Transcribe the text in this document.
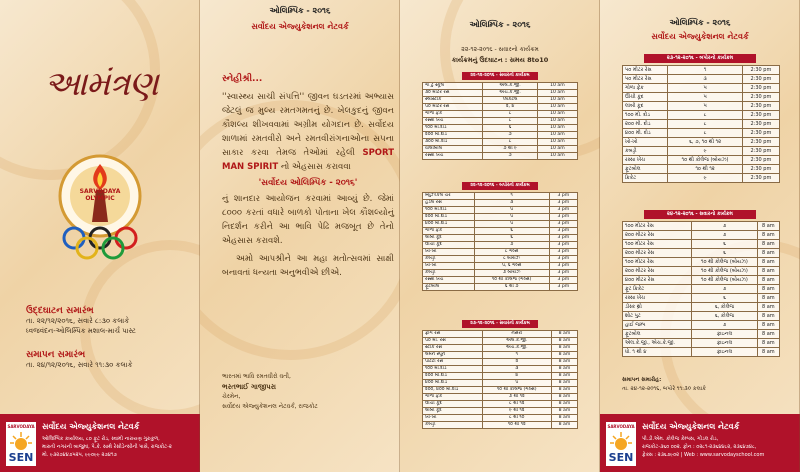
આમંત્રણ
SARVODAYA OLYMPIC
ઉદ્દઘાટન સમારંભ
તા. ૨૨/૧૨/૨૦૧૬, સવારે ૮:૩૦ કલાકે
ધ્વજવંદન-ઓલિમ્પિક મશાલ-માર્ચ પાસ્ટ
સમાપન સમારંભ
તા. ૨૪/૧૨/૨૦૧૬, સવારે ૧૧:૩૦ કલાકે
SARVODAYA
SEN
સર્વોદય એજ્યુકેશનલ નેટવર્ક
ઓલિમ્પિક કાર્યાલય, ૮૦ ફૂટ રોડ, સ્વામી નારાયણ ગુરુકુળ,
મારુતી નગરની બાજુમાં, પે.કે. સાથે રેસીડેન્સીની પાસે, રાજકોટ-૨
મો. ૯૩૨૭૪૪૭૫૨૫, ૯૯૦૯૯ ૨૭૪૧૭
ઓલિમ્પિક - ૨૦૧૬
સર્વોદય એજ્યુકેશનલ નેટવર્ક
સ્નેહીશ્રી...
''સ્વાસ્થ્ય સાચી સંપત્તિ'' જીવન ઘડતરમાં અભ્યાસ જેટલું જ મુલ્ય રમતગમતનું છે. ખેલકુદનું જીવન કૌશલ્ય શીખવવામાં અગ્રીમ યોગદાન છે. સર્વોદય શાળામાં રમતવીરો અને રમતવીરાંગનાઓના સપના સાકાર કરવા તેમજ તેઓમાં રહેલી SPORT MAN SPIRIT નો એહસાસ કરાવવા
'સર્વોદય ઓલિમ્પિક - ૨૦૧૬'
નું શાનદાર આયોજન કરવામાં આવ્યું છે. જેમાં ૮૦૦૦ કરતાં વધારે બાળકો પોતાના ખેલ કૌશલ્યોનું નિદર્શન કરીને આ ભાવિ પેઢિ મજબૂત છે તેનો એહસાસ કરાવશે.
અમો આપશ્રીને આ મહા મતોત્સવમાં સાક્ષી બનાવતાં ધન્યતા અનુભવીએ છીએ.
ભારતમાં ભાવિ રમતવીરો વતી,
ભરતભાઈ ગાજીપરા
ચેરમેન,
સર્વોદય એજ્યુકેશનલ નેટવર્ક, રાજકોટ
ઓલિમ્પિક - ૨૦૧૬
૨૨-૧૨-૨૦૧૬ - સવારનો કાર્યક્રમ
કાર્યક્રમનું ઉદઘાટન : સમય 8to10
૨૨-૧૨-૨૦૧૬ - સવારનો કાર્યક્રમ
ગો ટુ સ્કૂલ	એલ.કે.જી.	10 am
૩૦ મીટર રેસ	એચ.કે.જી.	10 am
સ્લાસ્ટીક	પ્લેકટલ	10 am
૫૦ મીટર રેસ	૨, ૪	10 am
ગોળા ફેંક	૮	10 am
રસ્સા ખેંચ	૮	10 am
૧૦૦ મી.દોડ	૬	10 am
૨૦૦ મી.દોડ	૭	10 am
૩૦૦ મી.દોડ	૮	10 am
વોલીબોલ	૭ થી ૯	10 am
રસ્સા ખેંચ	૭	10 am
૨૨-૧૨-૨૦૧૬ - બપોરનો કાર્યક્રમ
મ્યુઝીકલ ચેર	૧	3 pm
હર્ડલ રેસ	૩	3 pm
૧૦૦ મી.દોડ	૫	3 pm
૨૦૦ મી.દોડ	૫	3 pm
૪૦૦ મી.દોડ	૫	3 pm
ગોળા ફેંક	૬	3 pm
લાંબી કૂદ	૬	3 pm
ઊંચી કૂદ	૭	3 pm
ખો-ખો	૮ ગર્લ્સ	3 pm
કબડ્ડી	૮ બોયઝ	3 pm
ખો-ખો	૫, ૬ ગર્લ્સ	3 pm
કબડ્ડી	૭ બોયઝ	3 pm
રસ્સા ખેંચ	૧૦ થી કોલેજ (ગર્લ્સ)	3 pm
ફૂટબોલ	૬ થી ૭	3 pm
૨૩-૧૨-૨૦૧૬ - સવારનો કાર્યક્રમ
ફ્રોગ રેસ	નર્સરી	8 am
૫૦ મી. રેસ	એલ.કે.જી.	8 am
સ્ટીક રેસ	એચ.કે.જી.	8 am
લેમન સ્પૂન	૧	8 am
પોટેટો રેસ	૨	8 am
૧૦૦ મી.દોડ	૩	8 am
૨૦૦ મી.દોડ	૪	8 am
૪૦૦ મી.દોડ	૫	8 am
૨૦૦, ૪૦૦ મી.દોડ	૧૦ થી કોલેજ (ગર્લ્સ)	8 am
ગોળા ફેંક	૭ થી ૧૨	8 am
ઊંચી કૂદ	૮ થી ૧૨	8 am
લાંબી કૂદ	૯ થી ૧૨	8 am
ખો-ખો	૮ થી ૧૦	8 am
કબડ્ડી	૧૦ થી ૧૨	8 am
ઓલિમ્પિક - ૨૦૧૬
સર્વોદય એજ્યુકેશનલ નેટવર્ક
૨૩-૧૨-૨૦૧૬ - બપોરનો કાર્યક્રમ
૫૦ મીટર રેસ	૧	2:30 pm
૫૦ મીટર રેસ	૩	2:30 pm
ગોળા ફેંક	૫	2:30 pm
ઊંચી કૂદ	૫	2:30 pm
લાંબી કૂદ	૫	2:30 pm
૧૦૦ મી. દોડ	૮	2:30 pm
૨૦૦ મી. દોડ	૮	2:30 pm
૪૦૦ મી. દોડ	૮	2:30 pm
ખો-ખો	૬, ૭, ૧૦ થી ૧૨	2:30 pm
કબડ્ડી	૯	2:30 pm
રસ્સા ખેંચ	૧૦ થી કોલેજ (બોયઝ)	2:30 pm
ફૂટબોલ	૧૦ થી ૧૨	2:30 pm
ક્રિકેટ	૯	2:30 pm
૨૪-૧૨-૨૦૧૬ - સવારનો કાર્યક્રમ
૧૦૦ મીટર રેસ	૭	8 am
૨૦૦ મીટર રેસ	૭	8 am
૧૦૦ મીટર રેસ	૬	8 am
૨૦૦ મીટર રેસ	૬	8 am
૧૦૦ મીટર રેસ	૧૦ થી કોલેજ (બોયઝ)	8 am
૨૦૦ મીટર રેસ	૧૦ થી કોલેજ (બોયઝ)	8 am
૪૦૦ મીટર રેસ	૧૦ થી કોલેજ (બોયઝ)	8 am
ફૂટ ક્રિકેટ	૭	8 am
રસ્સા ખેંચ	૬	8 am
ડીસ્ક થ્રો	૬, કોલેજ	8 am
શોટ પુટ	૬, કોલેજ	8 am
હાઈ જમ્પ	૭	8 am
ફૂટબોલ	ફાઇનલ	8 am
એલ.કે.જી., એચ.કે.જી.	ફાઇનલ	8 am
ધો. ૧ થી ૪	ફાઇનલ	8 am
સમાપન સમારોહ:
તા. ૨૪-૧૨-૨૦૧૬, બપોરે ૧૧:૩૦ કલાકે
SARVODAYA
SEN
સર્વોદય એજ્યુકેશનલ નેટવર્ક
પી.ડી.એમ. કોલેજ કેમ્પસ, ગોંડલ રોડ,
રાજકોટ-૩૬૦ ૦૦૨. ફોન : ૦૨૮૧-૨૩૬૪૪૮૨, ૨૩૬૪૭૪૮,
ફેક્સ : ૨૩૬૭૯૦૨ | Web : www.sarvodayschool.com
